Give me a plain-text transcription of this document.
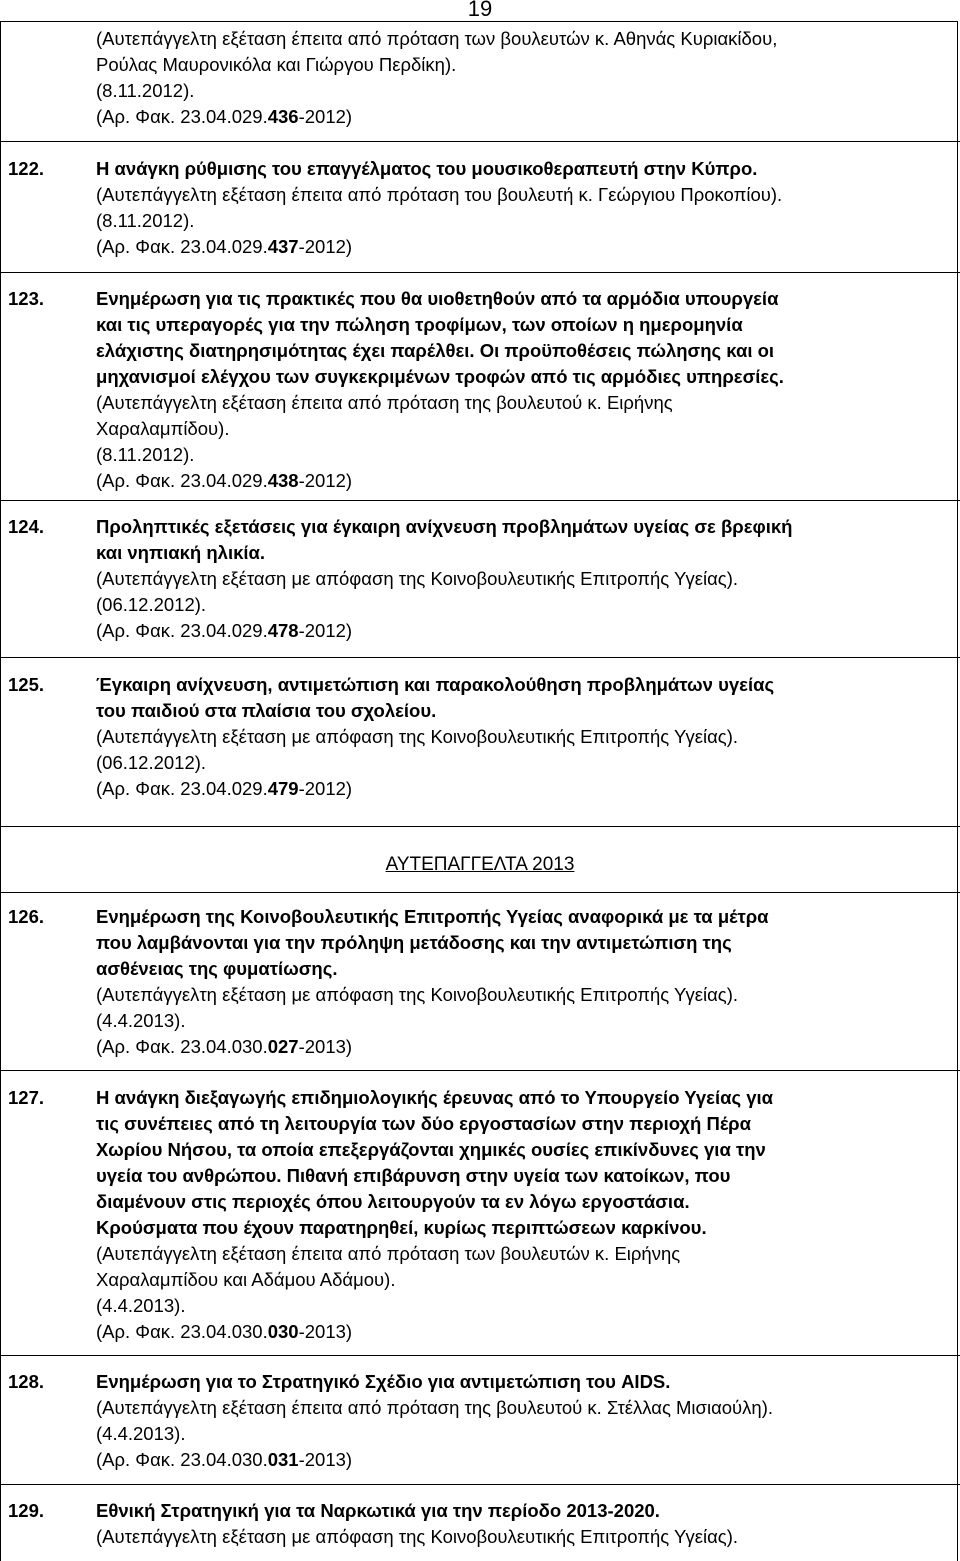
19
(Αυτεπάγγελτη εξέταση έπειτα από πρόταση των βουλευτών κ. Αθηνάς Κυριακίδου,
Ρούλας Μαυρονικόλα και Γιώργου Περδίκη).
(8.11.2012).
(Αρ. Φακ. 23.04.029.436-2012)
122.	Η ανάγκη ρύθμισης του επαγγέλματος του μουσικοθεραπευτή στην Κύπρο.
(Αυτεπάγγελτη εξέταση έπειτα από πρόταση του βουλευτή κ. Γεώργιου Προκοπίου).
(8.11.2012).
(Αρ. Φακ. 23.04.029.437-2012)
123.	Ενημέρωση για τις πρακτικές που θα υιοθετηθούν από τα αρμόδια υπουργεία
και τις υπεραγορές για την πώληση τροφίμων, των οποίων η ημερομηνία
ελάχιστης διατηρησιμότητας έχει παρέλθει. Οι προϋποθέσεις πώλησης και οι
μηχανισμοί ελέγχου των συγκεκριμένων τροφών από τις αρμόδιες υπηρεσίες.
(Αυτεπάγγελτη εξέταση έπειτα από πρόταση της βουλευτού κ. Ειρήνης
Χαραλαμπίδου).
(8.11.2012).
(Αρ. Φακ. 23.04.029.438-2012)
124.	Προληπτικές εξετάσεις για έγκαιρη ανίχνευση προβλημάτων υγείας σε βρεφική
και νηπιακή ηλικία.
(Αυτεπάγγελτη εξέταση με απόφαση της Κοινοβουλευτικής Επιτροπής Υγείας).
(06.12.2012).
(Αρ. Φακ. 23.04.029.478-2012)
125.	Έγκαιρη ανίχνευση, αντιμετώπιση και παρακολούθηση προβλημάτων υγείας
του παιδιού στα πλαίσια του σχολείου.
(Αυτεπάγγελτη εξέταση με απόφαση της Κοινοβουλευτικής Επιτροπής Υγείας).
(06.12.2012).
(Αρ. Φακ. 23.04.029.479-2012)
126.	Ενημέρωση της Κοινοβουλευτικής Επιτροπής Υγείας αναφορικά με τα μέτρα
που λαμβάνονται για την πρόληψη μετάδοσης και την αντιμετώπιση της
ασθένειας της φυματίωσης.
(Αυτεπάγγελτη εξέταση με απόφαση της Κοινοβουλευτικής Επιτροπής Υγείας).
(4.4.2013).
(Αρ. Φακ. 23.04.030.027-2013)
127.	Η ανάγκη διεξαγωγής επιδημιολογικής έρευνας από το Υπουργείο Υγείας για
τις συνέπειες από τη λειτουργία των δύο εργοστασίων στην περιοχή Πέρα
Χωρίου Νήσου, τα οποία επεξεργάζονται χημικές ουσίες επικίνδυνες για την
υγεία του ανθρώπου. Πιθανή επιβάρυνση στην υγεία των κατοίκων, που
διαμένουν στις περιοχές όπου λειτουργούν τα εν λόγω εργοστάσια.
Κρούσματα που έχουν παρατηρηθεί, κυρίως περιπτώσεων καρκίνου.
(Αυτεπάγγελτη εξέταση έπειτα από πρόταση των βουλευτών κ. Ειρήνης
Χαραλαμπίδου και Αδάμου Αδάμου).
(4.4.2013).
(Αρ. Φακ. 23.04.030.030-2013)
128.	Ενημέρωση για το Στρατηγικό Σχέδιο για αντιμετώπιση του AIDS.
(Αυτεπάγγελτη εξέταση έπειτα από πρόταση της βουλευτού κ. Στέλλας Μισιαούλη).
(4.4.2013).
(Αρ. Φακ. 23.04.030.031-2013)
129.	Εθνική Στρατηγική για τα Ναρκωτικά για την περίοδο 2013-2020.
(Αυτεπάγγελτη εξέταση με απόφαση της Κοινοβουλευτικής Επιτροπής Υγείας).
ΑΥΤΕΠΑΓΓΕΛΤΑ 2013
